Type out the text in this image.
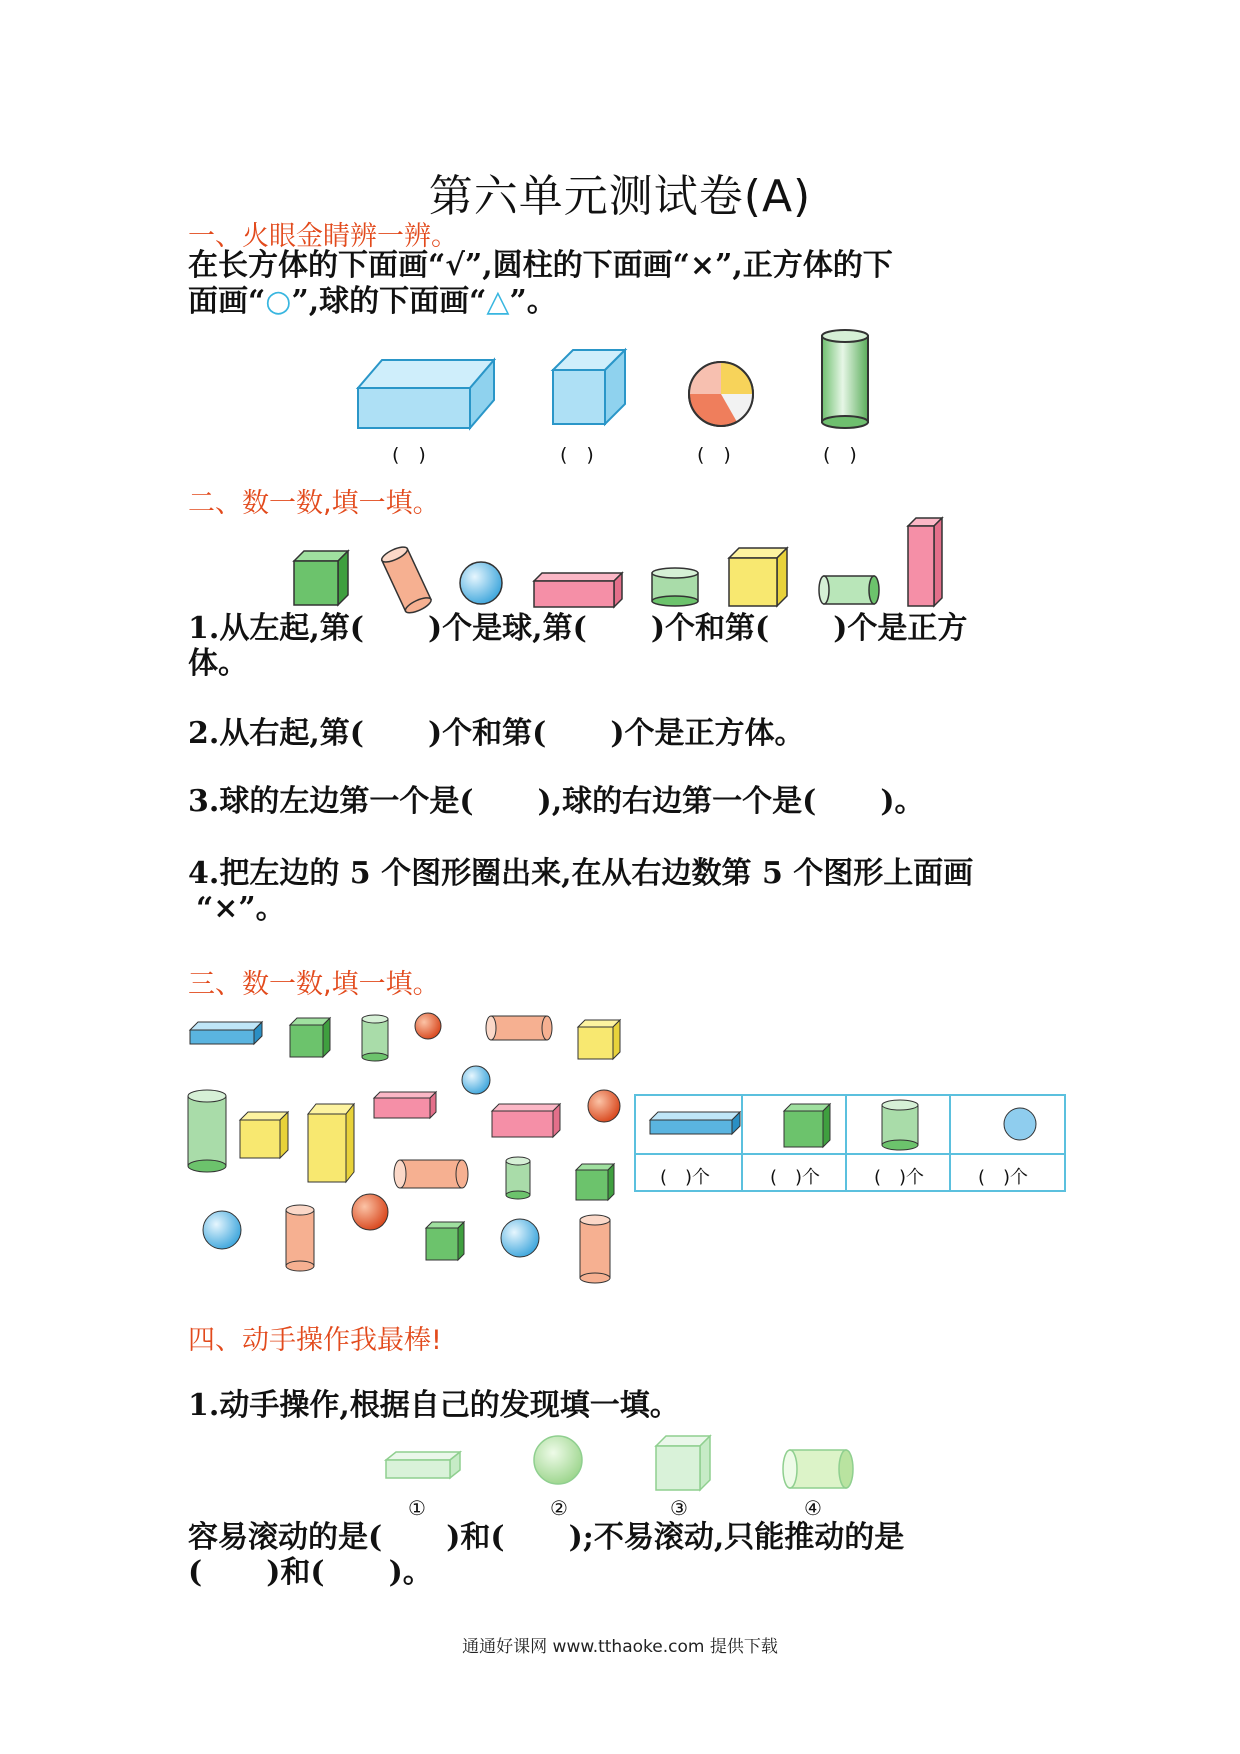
第六单元测试卷(A)
一、火眼金睛辨一辨。
在长方体的下面画“√”,圆柱的下面画“×”,正方体的下
面画“○”,球的下面画“△”。
(　)	(　)	(　)	(　)
二、数一数,填一填。
1.从左起,第( )个是球,第( )个和第( )个是正方
体。
2.从右起,第( )个和第( )个是正方体。
3.球的左边第一个是( ),球的右边第一个是( )。
4.把左边的 5 个图形圈出来,在从右边数第 5 个图形上面画
“×”。
三、数一数,填一填。
(　)个	(　)个	(　)个	(　)个
四、动手操作我最棒!
1.动手操作,根据自己的发现填一填。
①	②	③	④
容易滚动的是( )和( );不易滚动,只能推动的是
( )和( )。
通通好课网 www.tthaoke.com 提供下载
